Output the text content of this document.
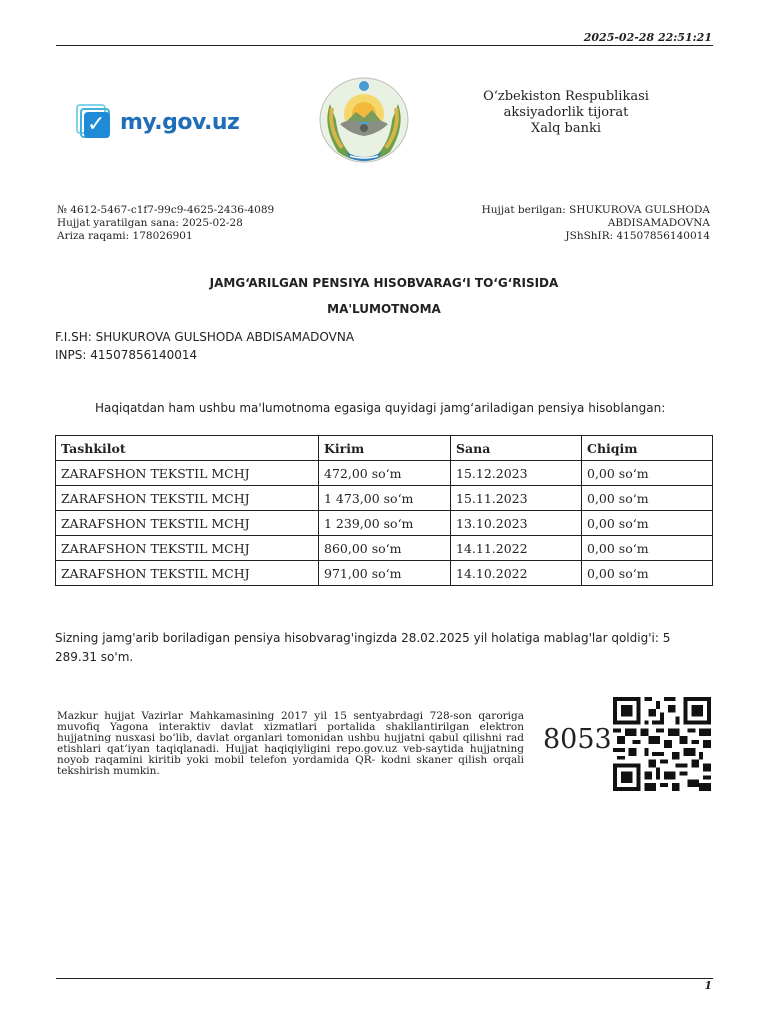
2025-02-28 22:51:21
✓ my.gov.uz
O‘zbekiston Respublikasi
aksiyadorlik tijorat
Xalq banki
№ 4612-5467-c1f7-99c9-4625-2436-4089
Hujjat yaratilgan sana: 2025-02-28
Ariza raqami: 178026901
Hujjat berilgan: SHUKUROVA GULSHODA
ABDISAMADOVNA
JShShIR: 41507856140014
JAMG‘ARILGAN PENSIYA HISOBVARAG‘I TO‘G‘RISIDA
MA'LUMOTNOMA
F.I.SH: SHUKUROVA GULSHODA ABDISAMADOVNA
INPS: 41507856140014
Haqiqatdan ham ushbu ma'lumotnoma egasiga quyidagi jamg‘ariladigan pensiya hisoblangan:
Tashkilot	Kirim	Sana	Chiqim
ZARAFSHON TEKSTIL MCHJ	472,00 so‘m	15.12.2023	0,00 so‘m
ZARAFSHON TEKSTIL MCHJ	1 473,00 so‘m	15.11.2023	0,00 so‘m
ZARAFSHON TEKSTIL MCHJ	1 239,00 so‘m	13.10.2023	0,00 so‘m
ZARAFSHON TEKSTIL MCHJ	860,00 so‘m	14.11.2022	0,00 so‘m
ZARAFSHON TEKSTIL MCHJ	971,00 so‘m	14.10.2022	0,00 so‘m
Sizning jamg'arib boriladigan pensiya hisobvarag'ingizda 28.02.2025 yil holatiga mablag'lar qoldig'i: 5 289.31 so'm.
Mazkur hujjat Vazirlar Mahkamasining 2017 yil 15 sentyabrdagi 728-son qaroriga muvofiq Yagona interaktiv davlat xizmatlari portalida shakllantirilgan elektron hujjatning nusxasi bo‘lib, davlat organlari tomonidan ushbu hujjatni qabul qilishni rad etishlari qat’iyan taqiqlanadi. Hujjat haqiqiyligini repo.gov.uz veb-saytida hujjatning noyob raqamini kiritib yoki mobil telefon yordamida QR- kodni skaner qilish orqali tekshirish mumkin.
8053
1
